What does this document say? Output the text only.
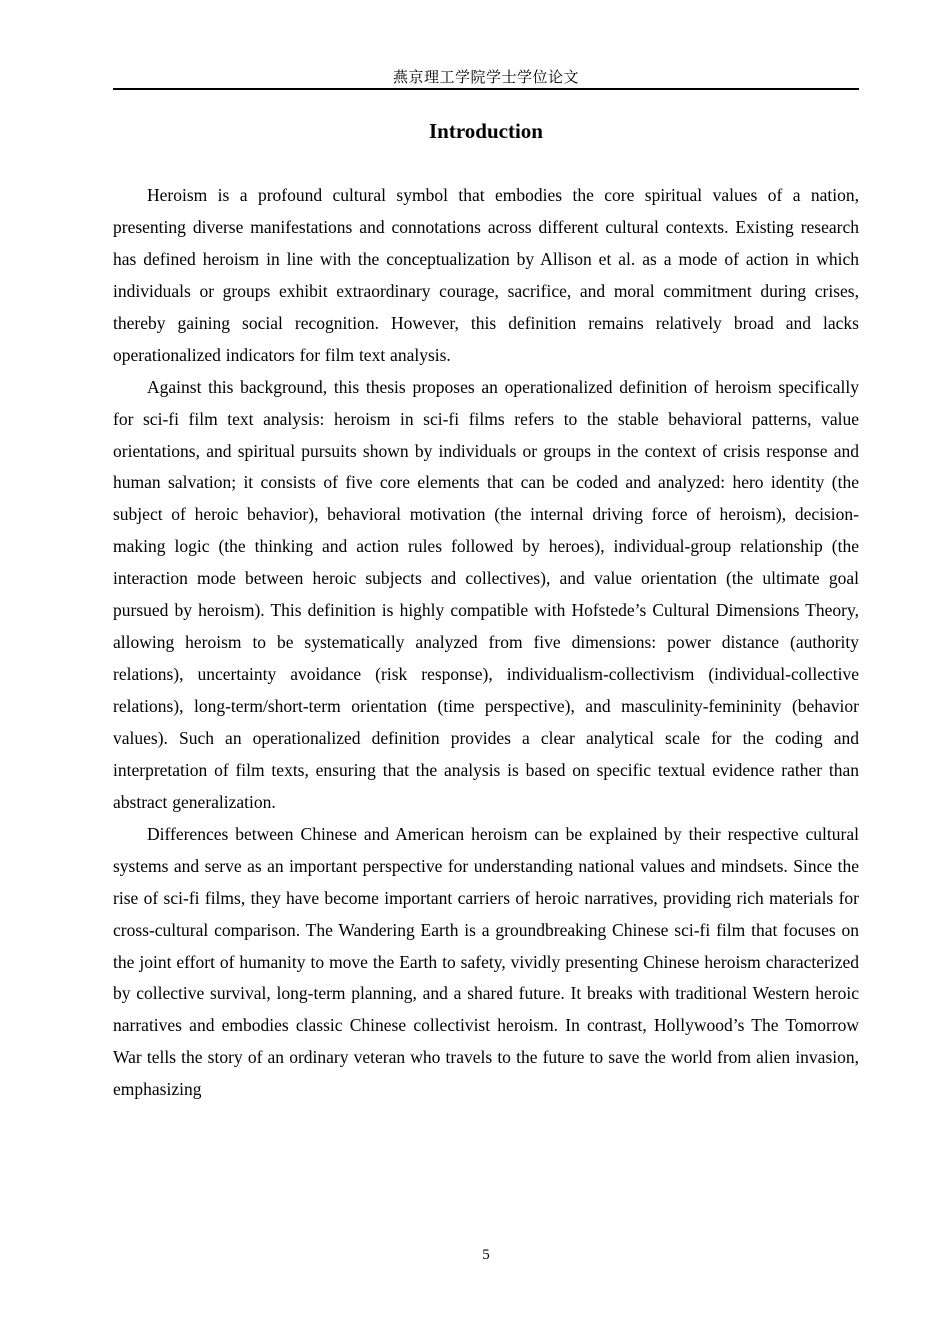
燕京理工学院学士学位论文
Introduction

Heroism is a profound cultural symbol that embodies the core spiritual values of a nation, presenting diverse manifestations and connotations across different cultural contexts. Existing research has defined heroism in line with the conceptualization by Allison et al. as a mode of action in which individuals or groups exhibit extraordinary courage, sacrifice, and moral commitment during crises, thereby gaining social recognition. However, this definition remains relatively broad and lacks operationalized indicators for film text analysis.

Against this background, this thesis proposes an operationalized definition of heroism specifically for sci-fi film text analysis: heroism in sci-fi films refers to the stable behavioral patterns, value orientations, and spiritual pursuits shown by individuals or groups in the context of crisis response and human salvation; it consists of five core elements that can be coded and analyzed: hero identity (the subject of heroic behavior), behavioral motivation (the internal driving force of heroism), decision-making logic (the thinking and action rules followed by heroes), individual-group relationship (the interaction mode between heroic subjects and collectives), and value orientation (the ultimate goal pursued by heroism). This definition is highly compatible with Hofstede’s Cultural Dimensions Theory, allowing heroism to be systematically analyzed from five dimensions: power distance (authority relations), uncertainty avoidance (risk response), individualism-collectivism (individual-collective relations), long-term/short-term orientation (time perspective), and masculinity-femininity (behavior values). Such an operationalized definition provides a clear analytical scale for the coding and interpretation of film texts, ensuring that the analysis is based on specific textual evidence rather than abstract generalization.

Differences between Chinese and American heroism can be explained by their respective cultural systems and serve as an important perspective for understanding national values and mindsets. Since the rise of sci-fi films, they have become important carriers of heroic narratives, providing rich materials for cross-cultural comparison. The Wandering Earth is a groundbreaking Chinese sci-fi film that focuses on the joint effort of humanity to move the Earth to safety, vividly presenting Chinese heroism characterized by collective survival, long-term planning, and a shared future. It breaks with traditional Western heroic narratives and embodies classic Chinese collectivist heroism. In contrast, Hollywood’s The Tomorrow War tells the story of an ordinary veteran who travels to the future to save the world from alien invasion, emphasizing

5
